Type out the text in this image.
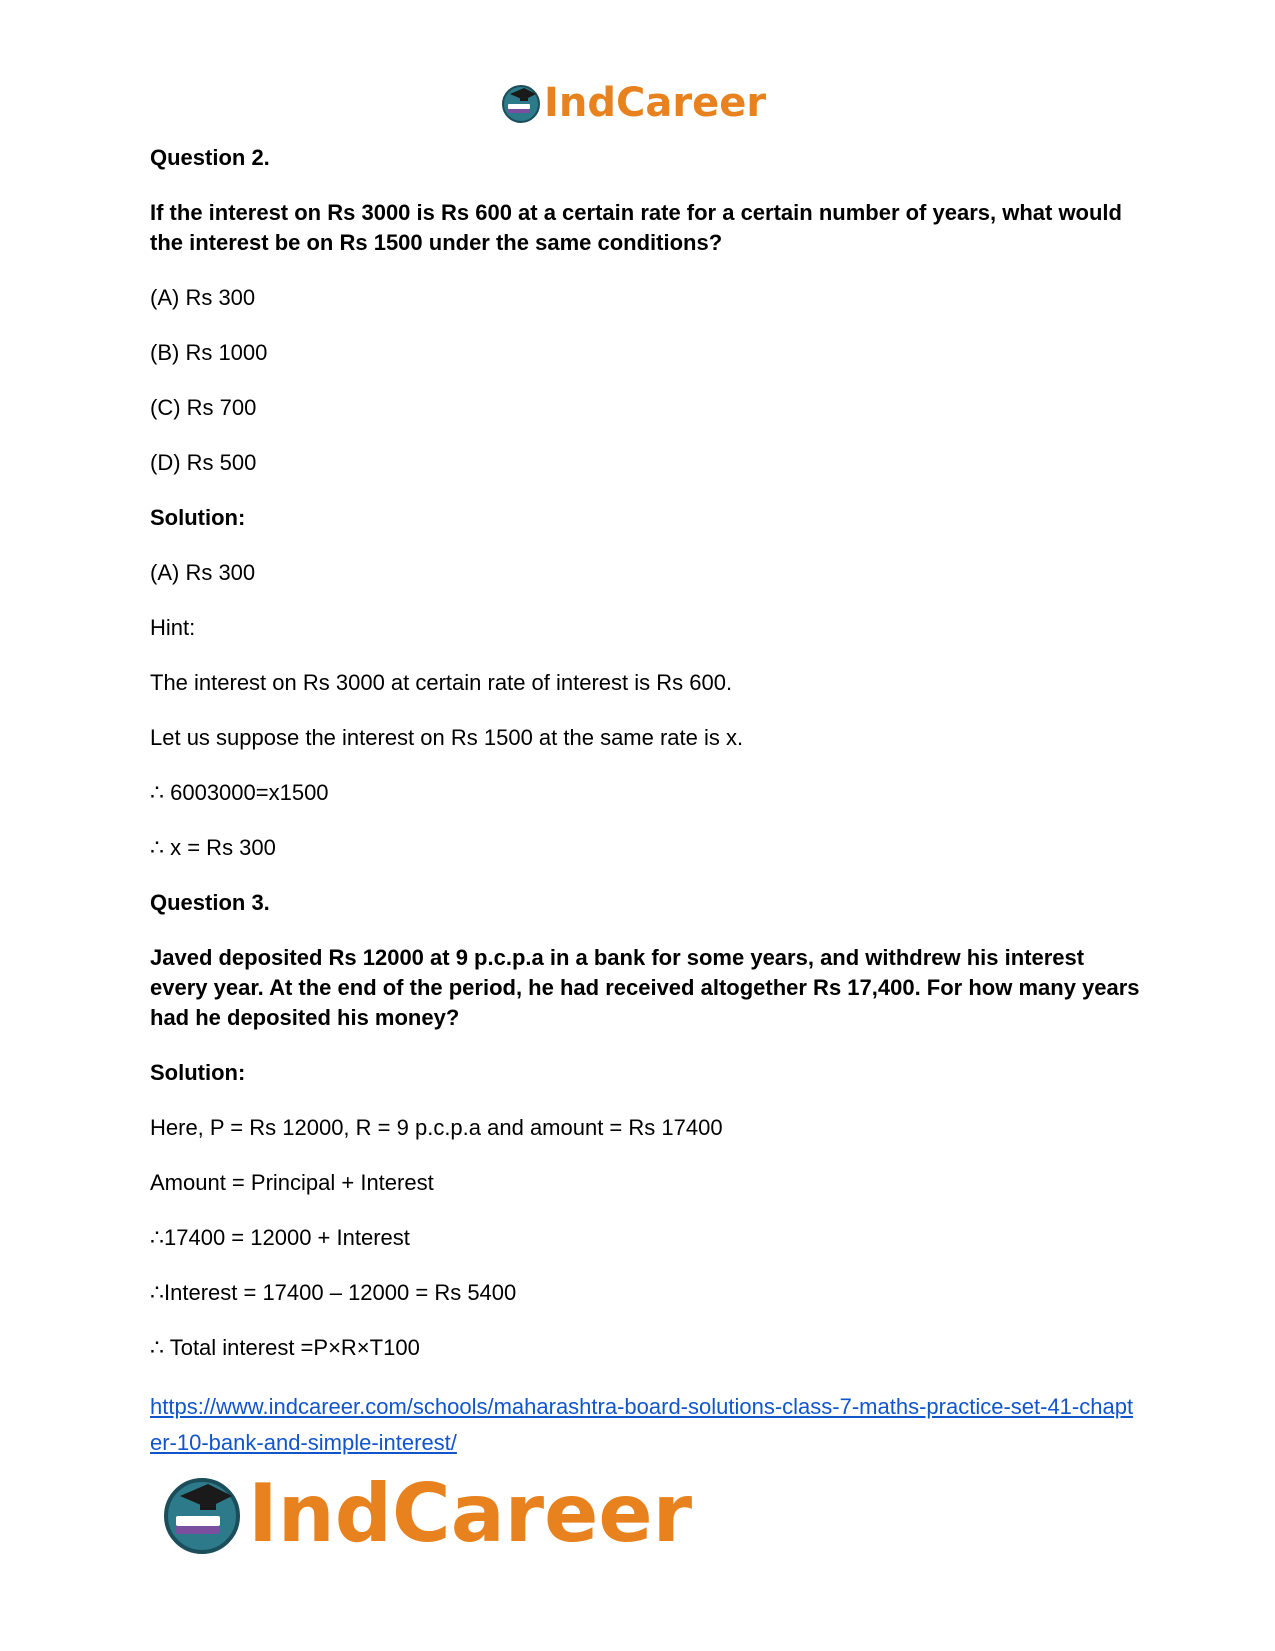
IndCareer

Question 2.

If the interest on Rs 3000 is Rs 600 at a certain rate for a certain number of years, what would the interest be on Rs 1500 under the same conditions?

(A) Rs 300

(B) Rs 1000

(C) Rs 700

(D) Rs 500

Solution:

(A) Rs 300

Hint:

The interest on Rs 3000 at certain rate of interest is Rs 600.

Let us suppose the interest on Rs 1500 at the same rate is x.

∴ 6003000=x1500

∴ x = Rs 300

Question 3.

Javed deposited Rs 12000 at 9 p.c.p.a in a bank for some years, and withdrew his interest every year. At the end of the period, he had received altogether Rs 17,400. For how many years had he deposited his money?

Solution:

Here, P = Rs 12000, R = 9 p.c.p.a and amount = Rs 17400

Amount = Principal + Interest

∴17400 = 12000 + Interest

∴Interest = 17400 – 12000 = Rs 5400

∴ Total interest =P×R×T100

https://www.indcareer.com/schools/maharashtra-board-solutions-class-7-maths-practice-set-41-chapter-10-bank-and-simple-interest/
IndCareer
